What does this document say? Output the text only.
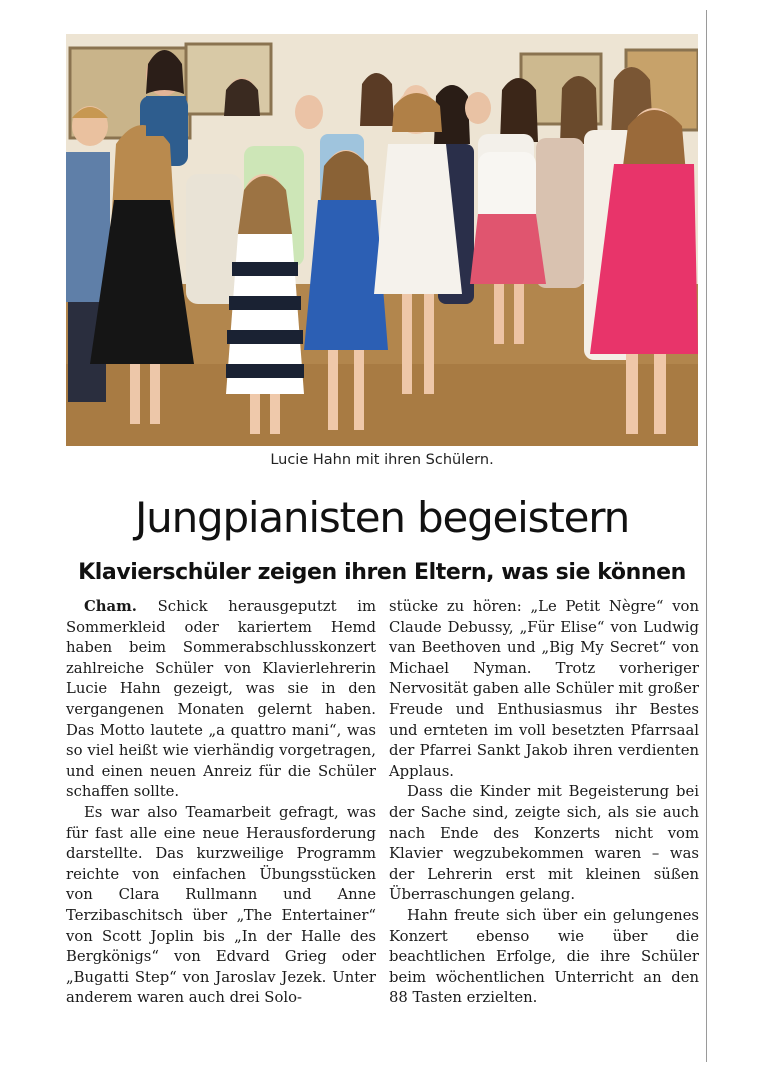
Lucie Hahn mit ihren Schülern.
Jungpianisten begeistern
Klavierschüler zeigen ihren Eltern, was sie können

Cham. Schick herausgeputzt im Sommerkleid oder kariertem Hemd haben beim Sommerabschlusskonzert zahlreiche Schüler von Klavierlehrerin Lucie Hahn gezeigt, was sie in den vergangenen Monaten gelernt haben. Das Motto lautete „a quattro mani“, was so viel heißt wie vierhändig vorgetragen, und einen neuen Anreiz für die Schüler schaffen sollte.

Es war also Teamarbeit gefragt, was für fast alle eine neue Herausforderung darstellte. Das kurzweilige Programm reichte von einfachen Übungsstücken von Clara Rullmann und Anne Terzibaschitsch über „The Entertainer“ von Scott Joplin bis „In der Halle des Bergkönigs“ von Edvard Grieg oder „Bugatti Step“ von Jaroslav Jezek. Unter anderem waren auch drei Solo-

stücke zu hören: „Le Petit Nègre“ von Claude Debussy, „Für Elise“ von Ludwig van Beethoven und „Big My Secret“ von Michael Nyman. Trotz vorheriger Nervosität gaben alle Schüler mit großer Freude und Enthusiasmus ihr Bestes und ernteten im voll besetzten Pfarrsaal der Pfarrei Sankt Jakob ihren verdienten Applaus.

Dass die Kinder mit Begeisterung bei der Sache sind, zeigte sich, als sie auch nach Ende des Konzerts nicht vom Klavier wegzubekommen waren – was der Lehrerin erst mit kleinen süßen Überraschungen gelang.

Hahn freute sich über ein gelungenes Konzert ebenso wie über die beachtlichen Erfolge, die ihre Schüler beim wöchentlichen Unterricht an den 88 Tasten erzielten.
